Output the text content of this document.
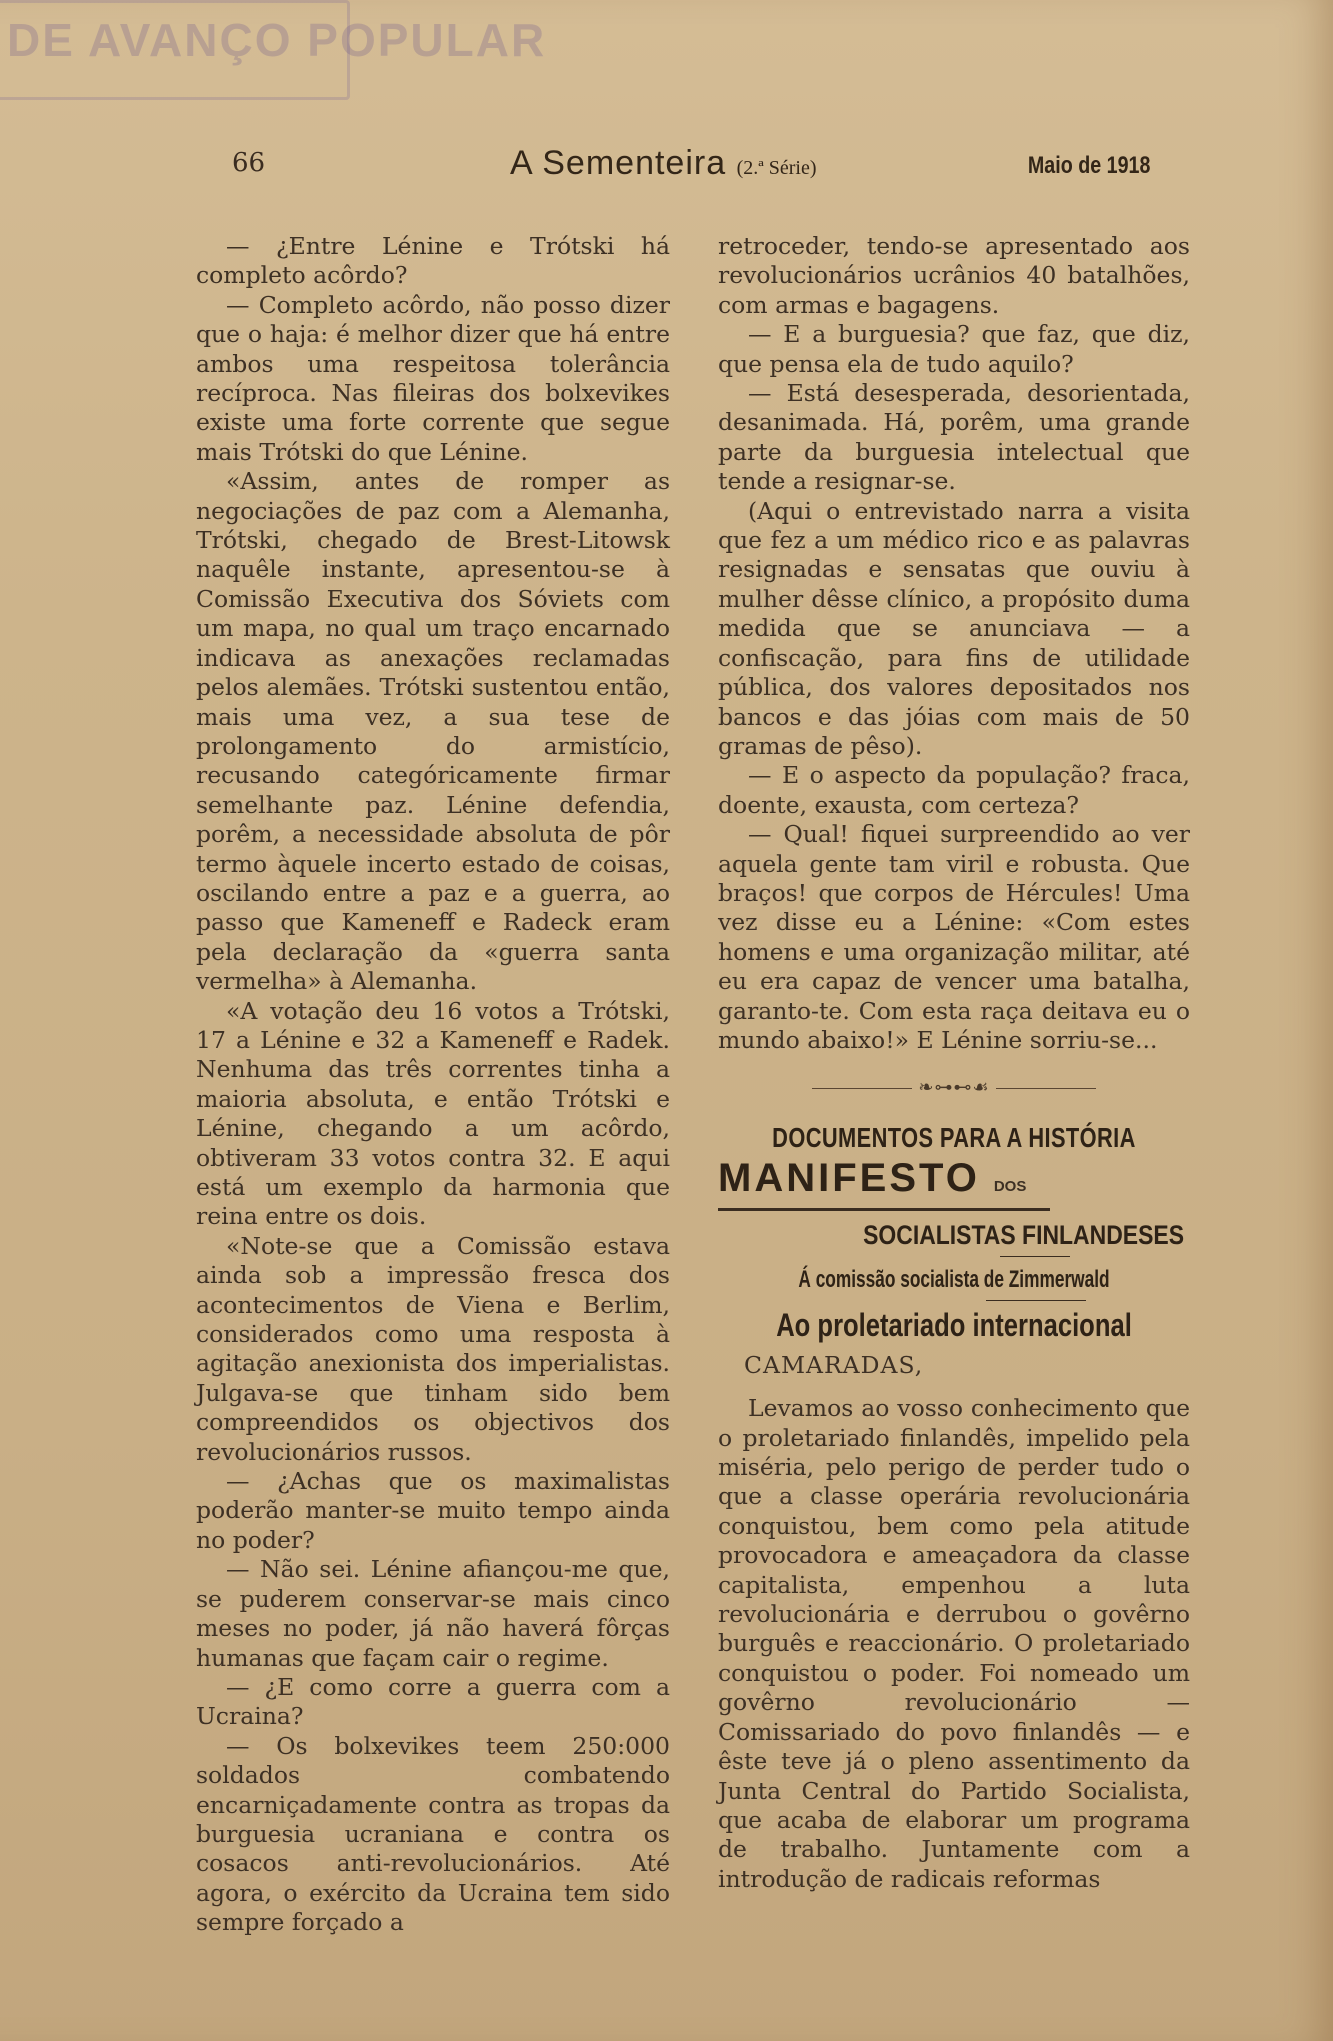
DE AVANÇO POPULAR
66	A Sementeira (2.ª Série)	Maio de 1918

— ¿Entre Lénine e Trótski há completo acôrdo?

— Completo acôrdo, não posso dizer que o haja: é melhor dizer que há entre ambos uma respeitosa tolerância recíproca. Nas fileiras dos bolxevikes existe uma forte corrente que segue mais Trótski do que Lénine.

«Assim, antes de romper as negociações de paz com a Alemanha, Trótski, chegado de Brest-Litowsk naquêle instante, apresentou-se à Comissão Executiva dos Sóviets com um mapa, no qual um traço encarnado indicava as anexações reclamadas pelos alemães. Trótski sustentou então, mais uma vez, a sua tese de prolongamento do armistício, recusando categóricamente firmar semelhante paz. Lénine defendia, porêm, a necessidade absoluta de pôr termo àquele incerto estado de coisas, oscilando entre a paz e a guerra, ao passo que Kameneff e Radeck eram pela declaração da «guerra santa vermelha» à Alemanha.

«A votação deu 16 votos a Trótski, 17 a Lénine e 32 a Kameneff e Radek. Nenhuma das três correntes tinha a maioria absoluta, e então Trótski e Lénine, chegando a um acôrdo, obtiveram 33 votos contra 32. E aqui está um exemplo da harmonia que reina entre os dois.

«Note-se que a Comissão estava ainda sob a impressão fresca dos acontecimentos de Viena e Berlim, considerados como uma resposta à agitação anexionista dos imperialistas. Julgava-se que tinham sido bem compreendidos os objectivos dos revolucionários russos.

— ¿Achas que os maximalistas poderão manter-se muito tempo ainda no poder?

— Não sei. Lénine afiançou-me que, se puderem conservar-se mais cinco meses no poder, já não haverá fôrças humanas que façam cair o regime.

— ¿E como corre a guerra com a Ucraina?

— Os bolxevikes teem 250:000 soldados combatendo encarniçadamente contra as tropas da burguesia ucraniana e contra os cosacos anti-revolucionários. Até agora, o exército da Ucraina tem sido sempre forçado a

retroceder, tendo-se apresentado aos revolucionários ucrânios 40 batalhões, com armas e bagagens.

— E a burguesia? que faz, que diz, que pensa ela de tudo aquilo?

— Está desesperada, desorientada, desanimada. Há, porêm, uma grande parte da burguesia intelectual que tende a resignar-se.

(Aqui o entrevistado narra a visita que fez a um médico rico e as palavras resignadas e sensatas que ouviu à mulher dêsse clínico, a propósito duma medida que se anunciava — a confiscação, para fins de utilidade pública, dos valores depositados nos bancos e das jóias com mais de 50 gramas de pêso).

— E o aspecto da população? fraca, doente, exausta, com certeza?

— Qual! fiquei surpreendido ao ver aquela gente tam viril e robusta. Que braços! que corpos de Hércules! Uma vez disse eu a Lénine: «Com estes homens e uma organização militar, até eu era capaz de vencer uma batalha, garanto-te. Com esta raça deitava eu o mundo abaixo!» E Lénine sorriu-se...

❧⊶⊷☙
DOCUMENTOS PARA A HISTÓRIA
MANIFESTO DOS
SOCIALISTAS FINLANDESES
Á comissão socialista de Zimmerwald
Ao proletariado internacional
CAMARADAS,

Levamos ao vosso conhecimento que o proletariado finlandês, impelido pela miséria, pelo perigo de perder tudo o que a classe operária revolucionária conquistou, bem como pela atitude provocadora e ameaçadora da classe capitalista, empenhou a luta revolucionária e derrubou o govêrno burguês e reaccionário. O proletariado conquistou o poder. Foi nomeado um govêrno revolucionário — Comissariado do povo finlandês — e êste teve já o pleno assentimento da Junta Central do Partido Socialista, que acaba de elaborar um programa de trabalho. Juntamente com a introdução de radicais reformas
